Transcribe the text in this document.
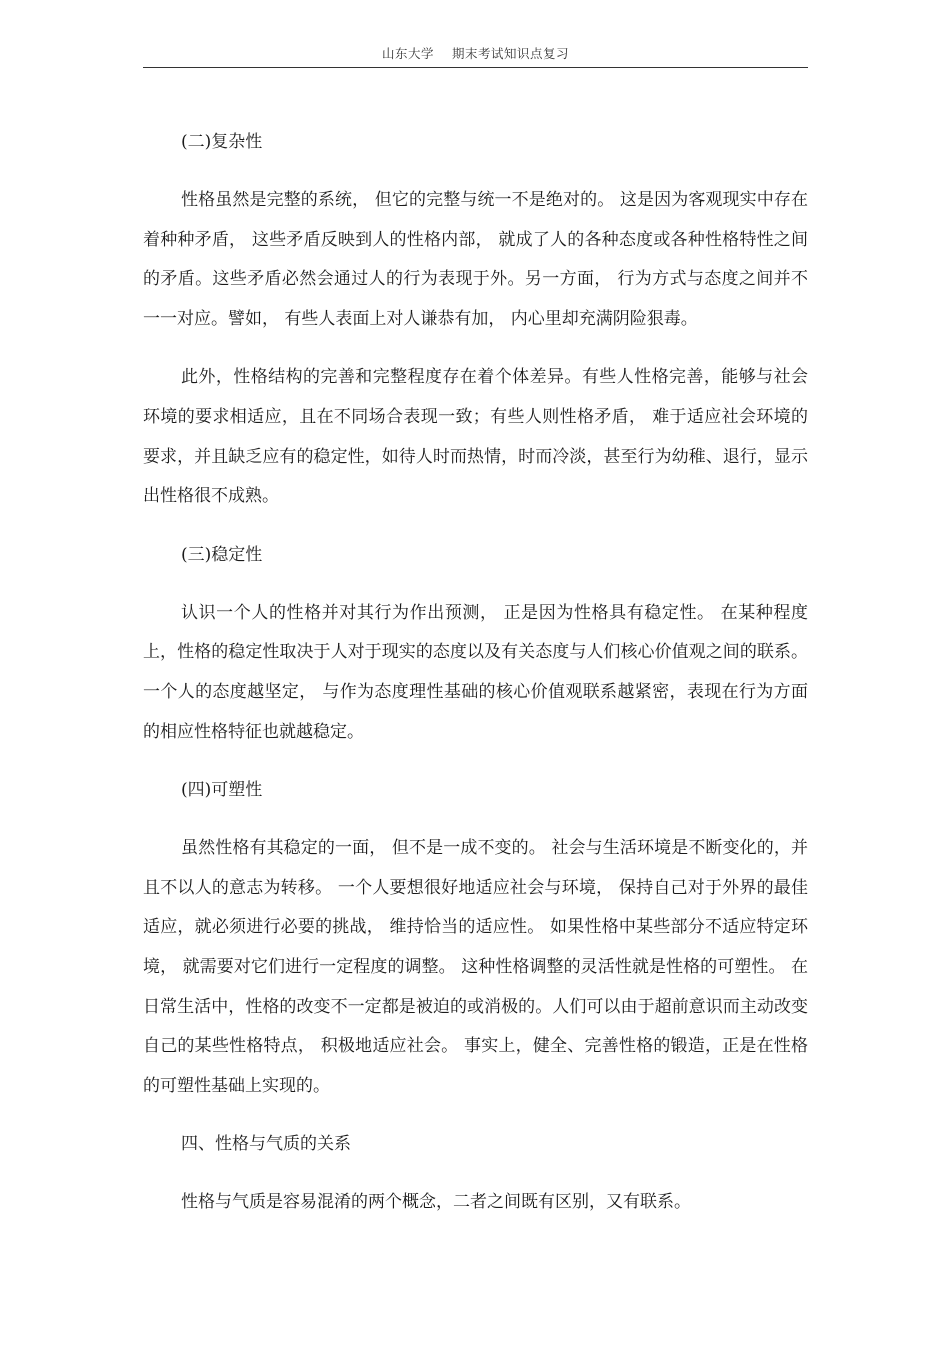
山东大学    期末考试知识点复习
(二)复杂性

性格虽然是完整的系统， 但它的完整与统一不是绝对的。 这是因为客观现实中存在着种种矛盾， 这些矛盾反映到人的性格内部， 就成了人的各种态度或各种性格特性之间的矛盾。这些矛盾必然会通过人的行为表现于外。另一方面， 行为方式与态度之间并不一一对应。譬如， 有些人表面上对人谦恭有加， 内心里却充满阴险狠毒。

此外，性格结构的完善和完整程度存在着个体差异。有些人性格完善，能够与社会环境的要求相适应，且在不同场合表现一致；有些人则性格矛盾， 难于适应社会环境的要求，并且缺乏应有的稳定性，如待人时而热情，时而冷淡，甚至行为幼稚、退行，显示出性格很不成熟。

(三)稳定性

认识一个人的性格并对其行为作出预测， 正是因为性格具有稳定性。 在某种程度上，性格的稳定性取决于人对于现实的态度以及有关态度与人们核心价值观之间的联系。 一个人的态度越坚定， 与作为态度理性基础的核心价值观联系越紧密，表现在行为方面的相应性格特征也就越稳定。

(四)可塑性

虽然性格有其稳定的一面， 但不是一成不变的。 社会与生活环境是不断变化的，并且不以人的意志为转移。 一个人要想很好地适应社会与环境， 保持自己对于外界的最佳适应，就必须进行必要的挑战， 维持恰当的适应性。 如果性格中某些部分不适应特定环境， 就需要对它们进行一定程度的调整。 这种性格调整的灵活性就是性格的可塑性。 在日常生活中，性格的改变不一定都是被迫的或消极的。人们可以由于超前意识而主动改变自己的某些性格特点， 积极地适应社会。 事实上，健全、完善性格的锻造，正是在性格的可塑性基础上实现的。

四、性格与气质的关系

性格与气质是容易混淆的两个概念，二者之间既有区别，又有联系。
